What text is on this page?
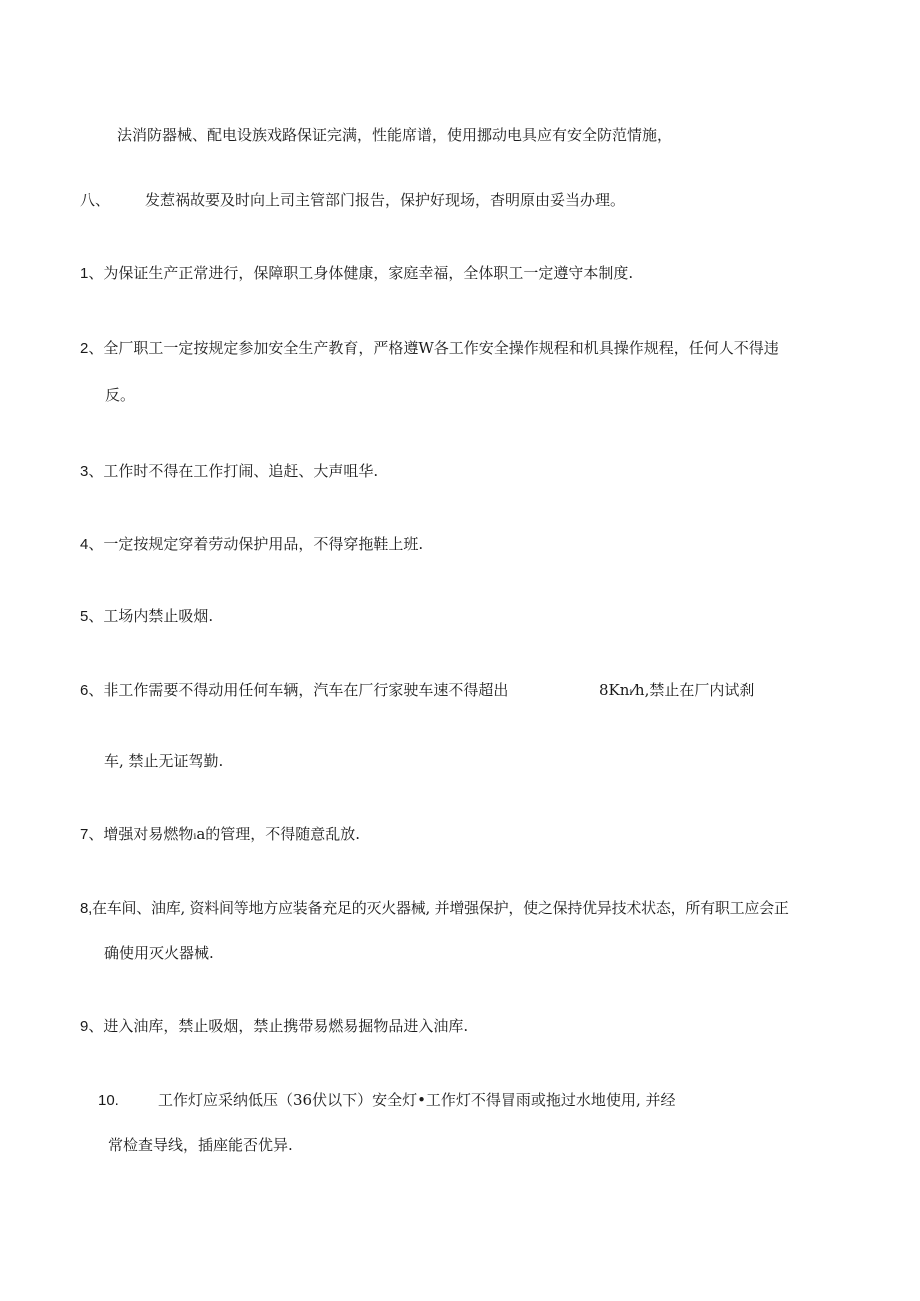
法消防器械、配电设族戏路保证完满，性能席谱，使用挪动电具应有安全防范情施，
八、 发惹祸故要及时向上司主管部门报告，保护好现场，杳明原由妥当办理。
1、为保证生产正常进行，保障职工身体健康，家庭幸福，全体职工一定遵守本制度.
2、全厂职工一定按规定参加安全生产教育，严格遵W各工作安全操作规程和机具操作规程，任何人不得违
反。
3、工作时不得在工作打闹、追赶、大声咀华.
4、一定按规定穿着劳动保护用品，不得穿拖鞋上班.
5、工场内禁止吸烟.
6、非工作需要不得动用任何车辆，汽车在厂行家驶车速不得超出	8Knᵢ⁄h,禁止在厂内试刹
车, 禁止无证驾勤.
7、增强对易燃物ᵢa的管理，不得随意乱放.
8,在车间、油库, 资料间等地方应装备充足的灭火器械, 并增强保护，使之保持优异技术状态，所有职工应会正
确使用灭火器械.
9、进入油库，禁止吸烟，禁止携带易燃易掘物品进入油库.
10.	工作灯应采纳低压（36伏以下）安全灯•工作灯不得冒雨或拖过水地使用, 并经
常检查导线，插座能否优异.
